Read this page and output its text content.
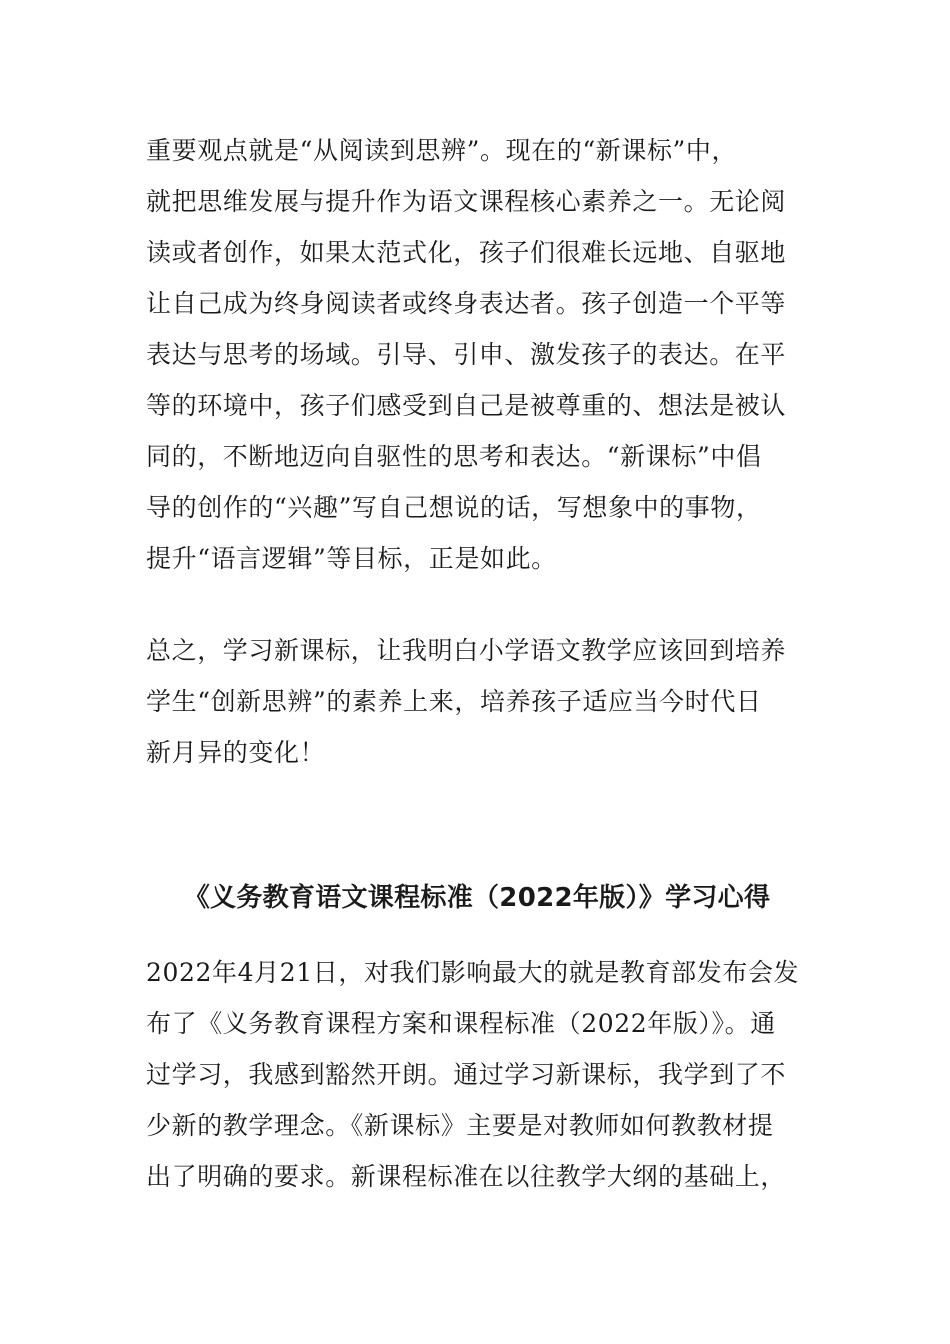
重要观点就是“从阅读到思辨”。现在的“新课标”中，
就把思维发展与提升作为语文课程核心素养之一。无论阅
读或者创作，如果太范式化，孩子们很难长远地、自驱地
让自己成为终身阅读者或终身表达者。孩子创造一个平等
表达与思考的场域。引导、引申、激发孩子的表达。在平
等的环境中，孩子们感受到自己是被尊重的、想法是被认
同的，不断地迈向自驱性的思考和表达。“新课标”中倡
导的创作的“兴趣”写自己想说的话，写想象中的事物，
提升“语言逻辑”等目标，正是如此。
总之，学习新课标，让我明白小学语文教学应该回到培养
学生“创新思辨”的素养上来，培养孩子适应当今时代日
新月异的变化！
《义务教育语文课程标准（2022年版）》学习心得
2022年4月21日，对我们影响最大的就是教育部发布会发
布了《义务教育课程方案和课程标准（2022年版）》。通
过学习，我感到豁然开朗。通过学习新课标，我学到了不
少新的教学理念。《新课标》主要是对教师如何教教材提
出了明确的要求。新课程标准在以往教学大纲的基础上，
